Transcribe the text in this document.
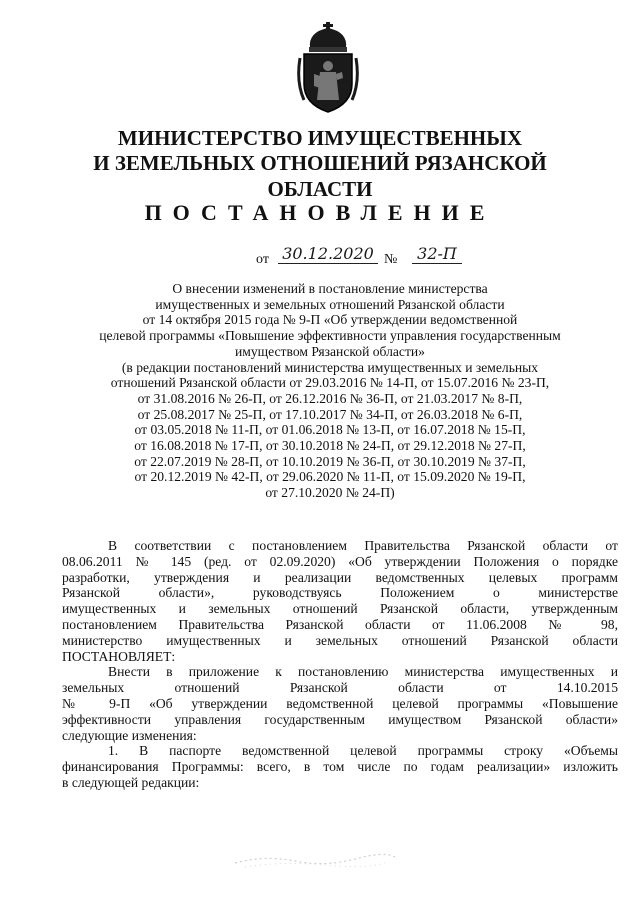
МИНИСТЕРСТВО ИМУЩЕСТВЕННЫХ
И ЗЕМЕЛЬНЫХ ОТНОШЕНИЙ РЯЗАНСКОЙ ОБЛАСТИ
ПОСТАНОВЛЕНИЕ
от 30.12.2020 №	32-П
О внесении изменений в постановление министерства
имущественных и земельных отношений Рязанской области
от 14 октября 2015 года № 9-П «Об утверждении ведомственной
целевой программы «Повышение эффективности управления государственным
имуществом Рязанской области»
(в редакции постановлений министерства имущественных и земельных
отношений Рязанской области от 29.03.2016 № 14-П, от 15.07.2016 № 23-П,
от 31.08.2016 № 26-П, от 26.12.2016 № 36-П, от 21.03.2017 № 8-П,
от 25.08.2017 № 25-П, от 17.10.2017 № 34-П, от 26.03.2018 № 6-П,
от 03.05.2018 № 11-П, от 01.06.2018 № 13-П, от 16.07.2018 № 15-П,
от 16.08.2018 № 17-П, от 30.10.2018 № 24-П, от 29.12.2018 № 27-П,
от 22.07.2019 № 28-П, от 10.10.2019 № 36-П, от 30.10.2019 № 37-П,
от 20.12.2019 № 42-П, от 29.06.2020 № 11-П, от 15.09.2020 № 19-П,
от 27.10.2020 № 24-П)
В соответствии с постановлением Правительства Рязанской области от
08.06.2011 № 145 (ред. от 02.09.2020) «Об утверждении Положения о порядке
разработки, утверждения и реализации ведомственных целевых программ
Рязанской области», руководствуясь Положением о министерстве
имущественных и земельных отношений Рязанской области, утвержденным
постановлением Правительства Рязанской области от 11.06.2008 № 98,
министерство имущественных и земельных отношений Рязанской области
ПОСТАНОВЛЯЕТ:
Внести в приложение к постановлению министерства имущественных и
земельных отношений Рязанской области от 14.10.2015
№ 9-П «Об утверждении ведомственной целевой программы «Повышение
эффективности управления государственным имуществом Рязанской области»
следующие изменения:
1. В паспорте ведомственной целевой программы строку «Объемы
финансирования Программы: всего, в том числе по годам реализации» изложить
в следующей редакции:
